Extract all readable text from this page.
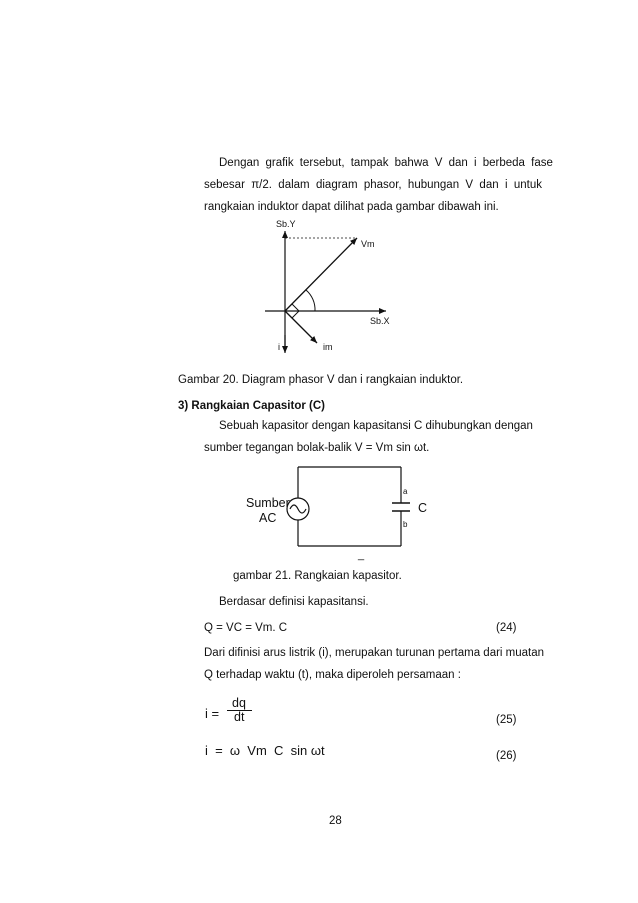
Dengan grafik tersebut, tampak bahwa V dan i berbeda fase
sebesar π/2. dalam diagram phasor, hubungan V dan i untuk
rangkaian induktor dapat dilihat pada gambar dibawah ini.
Sb.Y
Sb.X
Vm
im
i
Gambar 20. Diagram phasor V dan i rangkaian induktor.
3) Rangkaian Capasitor (C)
Sebuah kapasitor dengan kapasitansi C dihubungkan dengan
sumber tegangan bolak-balik V = Vm sin ωt.
Sumber
AC
C
a
b
_
gambar 21. Rangkaian kapasitor.
Berdasar definisi kapasitansi.
Q = VC = Vm. C	(24)
Dari difinisi arus listrik (i), merupakan turunan pertama dari muatan
Q terhadap waktu (t), maka diperoleh persamaan :
i =
dq
dt	(25)
i  =  ω  Vm  C  sin ωt	(26)
28
